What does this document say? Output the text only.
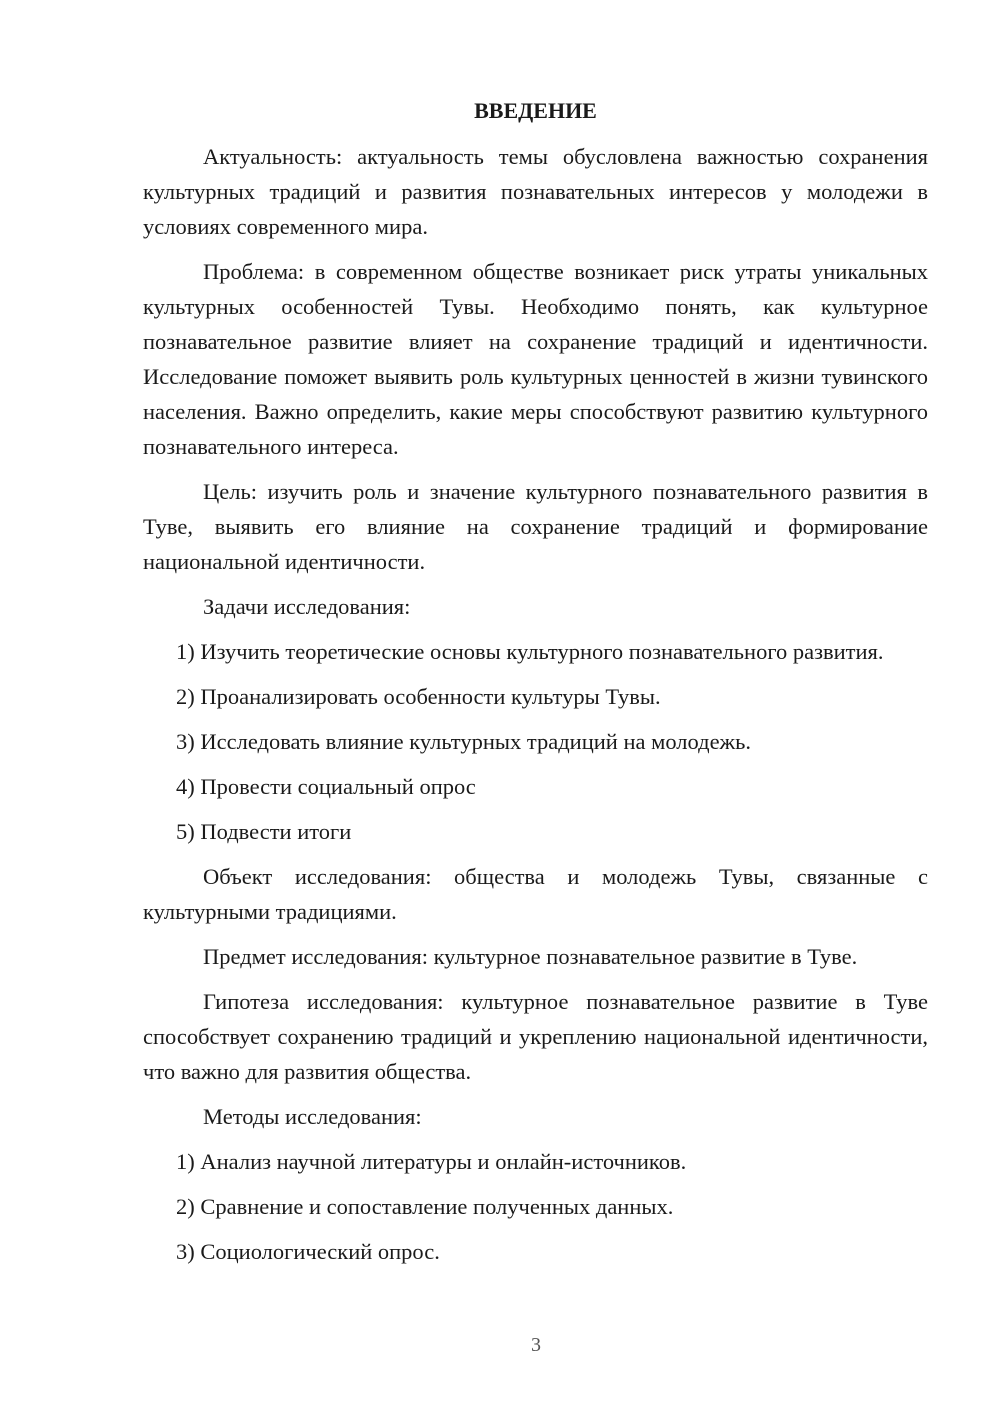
ВВЕДЕНИЕ

Актуальность: актуальность темы обусловлена важностью сохранения культурных традиций и развития познавательных интересов у молодежи в условиях современного мира.

Проблема: в современном обществе возникает риск утраты уникальных культурных особенностей Тувы. Необходимо понять, как культурное познавательное развитие влияет на сохранение традиций и идентичности. Исследование поможет выявить роль культурных ценностей в жизни тувинского населения. Важно определить, какие меры способствуют развитию культурного познавательного интереса.

Цель: изучить роль и значение культурного познавательного развития в Туве, выявить его влияние на сохранение традиций и формирование национальной идентичности.

Задачи исследования:

1) Изучить теоретические основы культурного познавательного развития.

2) Проанализировать особенности культуры Тувы.
3) Исследовать влияние культурных традиций на молодежь.
4) Провести социальный опрос
5) Подвести итоги

Объект исследования: общества и молодежь Тувы, связанные с культурными традициями.

Предмет исследования: культурное познавательное развитие в Туве.

Гипотеза исследования: культурное познавательное развитие в Туве способствует сохранению традиций и укреплению национальной идентичности, что важно для развития общества.

Методы исследования:
1) Анализ научной литературы и онлайн-источников.
2) Сравнение и сопоставление полученных данных.
3) Социологический опрос.
3
